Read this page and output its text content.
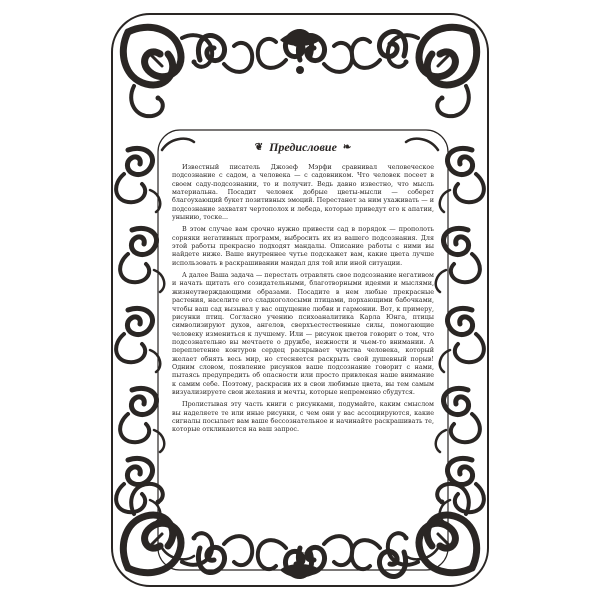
❦ Предисловие ❧

Известный писатель Джозеф Мэрфи сравнивал человеческое подсознание с садом, а человека — с садовником. Что человек посеет в своем саду-подсознании, то и получит. Ведь давно известно, что мысль материальна. Посадит человек добрые цветы-мысли — соберет благоухающий букет позитивных эмоций. Перестанет за ним ухаживать — и подсознание захватят чертополох и лебеда, которые приведут его к апатии, унынию, тоске...

В этом случае вам срочно нужно привести сад в порядок — прополоть сорняки негативных программ, выбросить их из вашего подсознания. Для этой работы прекрасно подходят мандалы. Описание работы с ними вы найдете ниже. Ваше внутреннее чутье подскажет вам, какие цвета лучше использовать в раскрашивании мандал для той или иной ситуации.

А далее Ваша задача — перестать отравлять свое подсознание негативом и начать щитать его созидательными, благотворными идеями и мыслями, жизнеутверждающими образами. Посадите в нем любые прекрасные растения, населите его сладкоголосыми птицами, порхающими бабочками, чтобы ваш сад вызывал у вас ощущение любви и гармонии. Вот, к примеру, рисунки птиц. Согласно учению психоаналитика Карла Юнга, птицы символизируют духов, ангелов, сверхъестественные силы, помогающие человеку измениться к лучшему. Или — рисунок цветов говорит о том, что подсознательно вы мечтаете о дружбе, нежности и чьем-то внимании. А переплетение контуров сердец раскрывает чувства человека, который желает обнять весь мир, но стесняется раскрыть свой душевный порыв! Одним словом, появление рисунков ваше подсознание говорит с нами, пытаясь предупредить об опасности или просто привлекая наше внимание к самим себе. Поэтому, раскрасив их в свои любимые цвета, вы тем самым визуализируете свои желания и мечты, которые непременно сбудутся.

Пролистывая эту часть книги с рисунками, подумайте, каким смыслом вы наделяете те или иные рисунки, с чем они у вас ассоциируются, какие сигналы посылает вам ваше бессознательное и начинайте раскрашивать те, которые откликаются на ваш запрос.

2
